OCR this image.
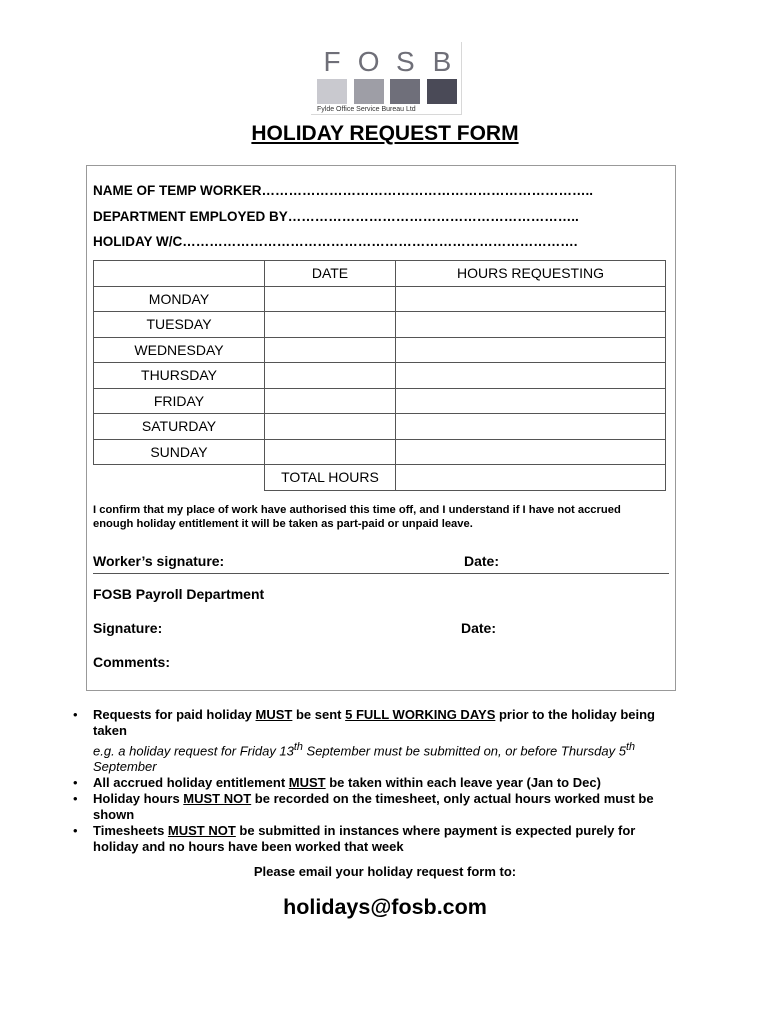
F O S B
Fylde Office Service Bureau Ltd
HOLIDAY REQUEST FORM
NAME OF TEMP WORKER………………………………………………………………..
DEPARTMENT EMPLOYED BY………………………………………………………..
HOLIDAY W/C…………………………………………………………………………….
	DATE	HOURS REQUESTING
MONDAY		
TUESDAY		
WEDNESDAY		
THURSDAY		
FRIDAY		
SATURDAY		
SUNDAY		
	TOTAL HOURS	
I confirm that my place of work have authorised this time off, and I understand if I have not accrued enough holiday entitlement it will be taken as part-paid or unpaid leave.
Worker’s signature:	Date:
FOSB Payroll Department
Signature:	Date:
Comments:
• Requests for paid holiday MUST be sent 5 FULL WORKING DAYS prior to the holiday being taken
e.g. a holiday request for Friday 13th September must be submitted on, or before Thursday 5th September
• All accrued holiday entitlement MUST be taken within each leave year (Jan to Dec)
• Holiday hours MUST NOT be recorded on the timesheet, only actual hours worked must be shown
• Timesheets MUST NOT be submitted in instances where payment is expected purely for holiday and no hours have been worked that week
Please email your holiday request form to:
holidays@fosb.com
